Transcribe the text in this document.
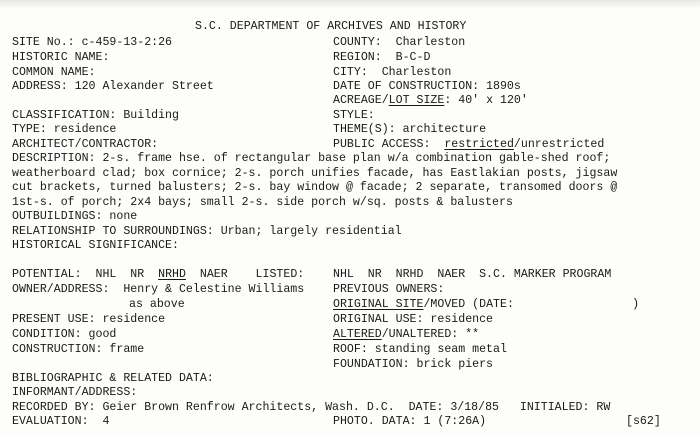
S.C. DEPARTMENT OF ARCHIVES AND HISTORY
SITE No.: c-459-13-2:26
HISTORIC NAME:
COMMON NAME:
ADDRESS: 120 Alexander Street
CLASSIFICATION: Building
TYPE: residence
ARCHITECT/CONTRACTOR:
COUNTY:  Charleston
REGION:  B-C-D
CITY:  Charleston
DATE OF CONSTRUCTION: 1890s
ACREAGE/LOT SIZE: 40' x 120'
STYLE:
THEME(S): architecture
PUBLIC ACCESS:  restricted/unrestricted
DESCRIPTION: 2-s. frame hse. of rectangular base plan w/a combination gable-shed roof;
weatherboard clad; box cornice; 2-s. porch unifies facade, has Eastlakian posts, jigsaw
cut brackets, turned balusters; 2-s. bay window @ facade; 2 separate, transomed doors @
1st-s. of porch; 2x4 bays; small 2-s. side porch w/sq. posts & balusters
OUTBUILDINGS: none
RELATIONSHIP TO SURROUNDINGS: Urban; largely residential
HISTORICAL SIGNIFICANCE:
POTENTIAL:  NHL  NR  NRHD  NAER    LISTED: NHL  NR  NRHD  NAER  S.C. MARKER PROGRAM
OWNER/ADDRESS:  Henry & Celestine Williams
as above
PREVIOUS OWNERS:
ORIGINAL SITE/MOVED (DATE:                 )
PRESENT USE: residence	ORIGINAL USE: residence
CONDITION: good	ALTERED/UNALTERED: **
CONSTRUCTION: frame	ROOF: standing seam metal
FOUNDATION: brick piers
BIBLIOGRAPHIC & RELATED DATA:
INFORMANT/ADDRESS:
RECORDED BY: Geier Brown Renfrow Architects, Wash. D.C.  DATE: 3/18/85   INITIALED: RW
EVALUATION:  4	PHOTO. DATA: 1 (7:26A)	[s62]
